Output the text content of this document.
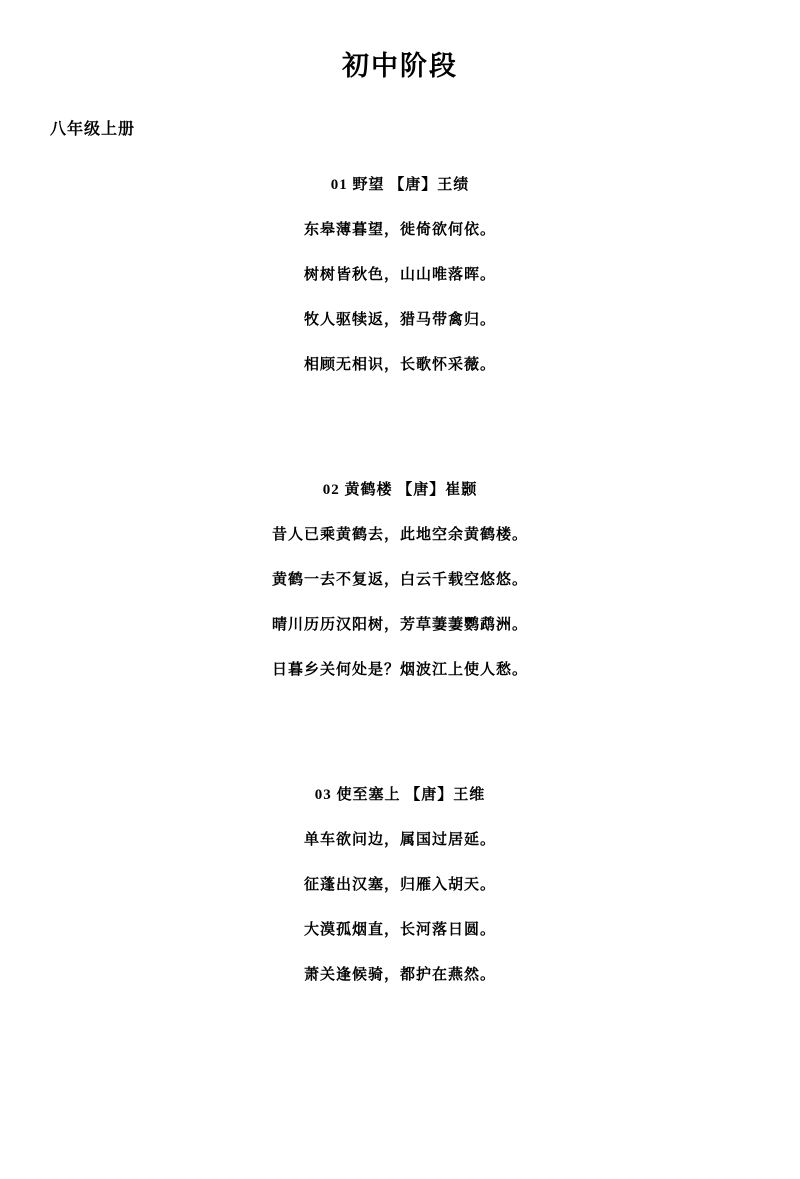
初中阶段
八年级上册
01 野望 【唐】王绩
东皋薄暮望，徙倚欲何依。
树树皆秋色，山山唯落晖。
牧人驱犊返，猎马带禽归。
相顾无相识，长歌怀采薇。
02 黄鹤楼 【唐】崔颢
昔人已乘黄鹤去，此地空余黄鹤楼。
黄鹤一去不复返，白云千载空悠悠。
晴川历历汉阳树，芳草萋萋鹦鹉洲。
日暮乡关何处是？烟波江上使人愁。
03 使至塞上 【唐】王维
单车欲问边，属国过居延。
征蓬出汉塞，归雁入胡天。
大漠孤烟直，长河落日圆。
萧关逢候骑，都护在燕然。
